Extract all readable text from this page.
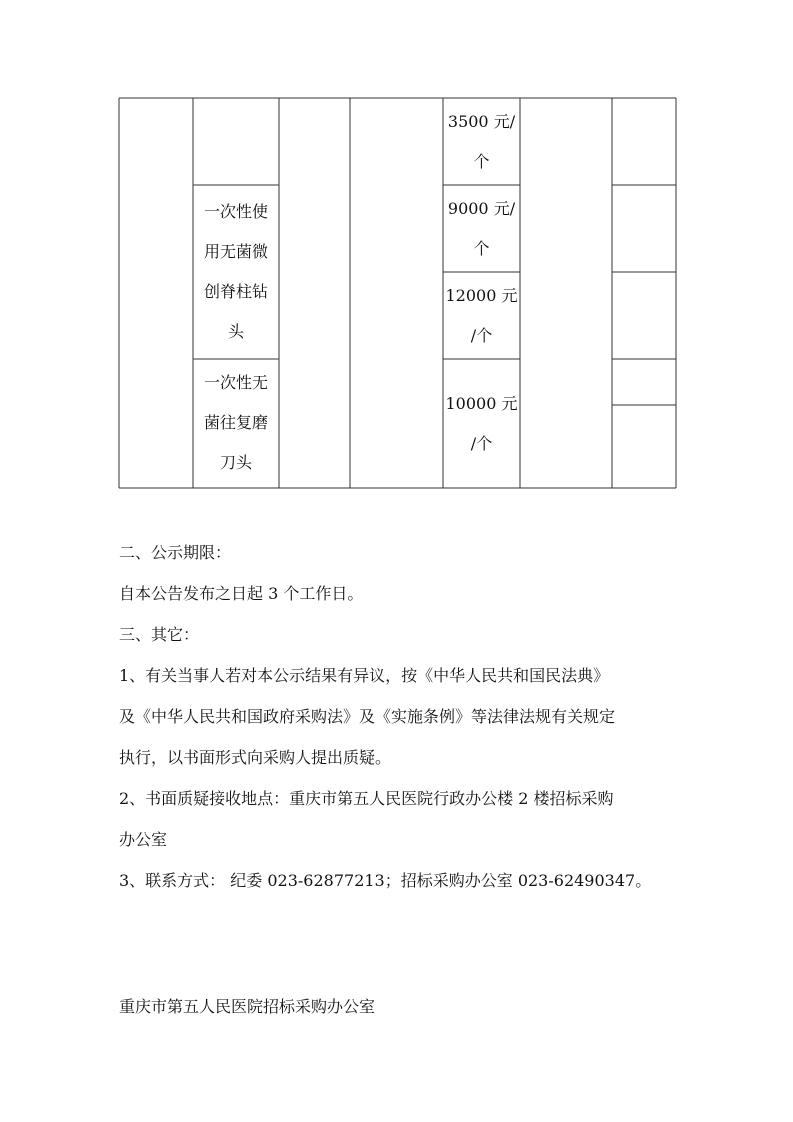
一次性使
用无菌微
创脊柱钻
头
一次性无
菌往复磨
刀头
3500 元/
个
9000 元/
个
12000 元
/个
10000 元
/个
二、公示期限：
自本公告发布之日起 3 个工作日。
三、其它：
1、有关当事人若对本公示结果有异议，按《中华人民共和国民法典》
及《中华人民共和国政府采购法》及《实施条例》等法律法规有关规定
执行，以书面形式向采购人提出质疑。
2、书面质疑接收地点：重庆市第五人民医院行政办公楼 2 楼招标采购
办公室
3、联系方式： 纪委 023-62877213；招标采购办公室 023-62490347。
重庆市第五人民医院招标采购办公室
